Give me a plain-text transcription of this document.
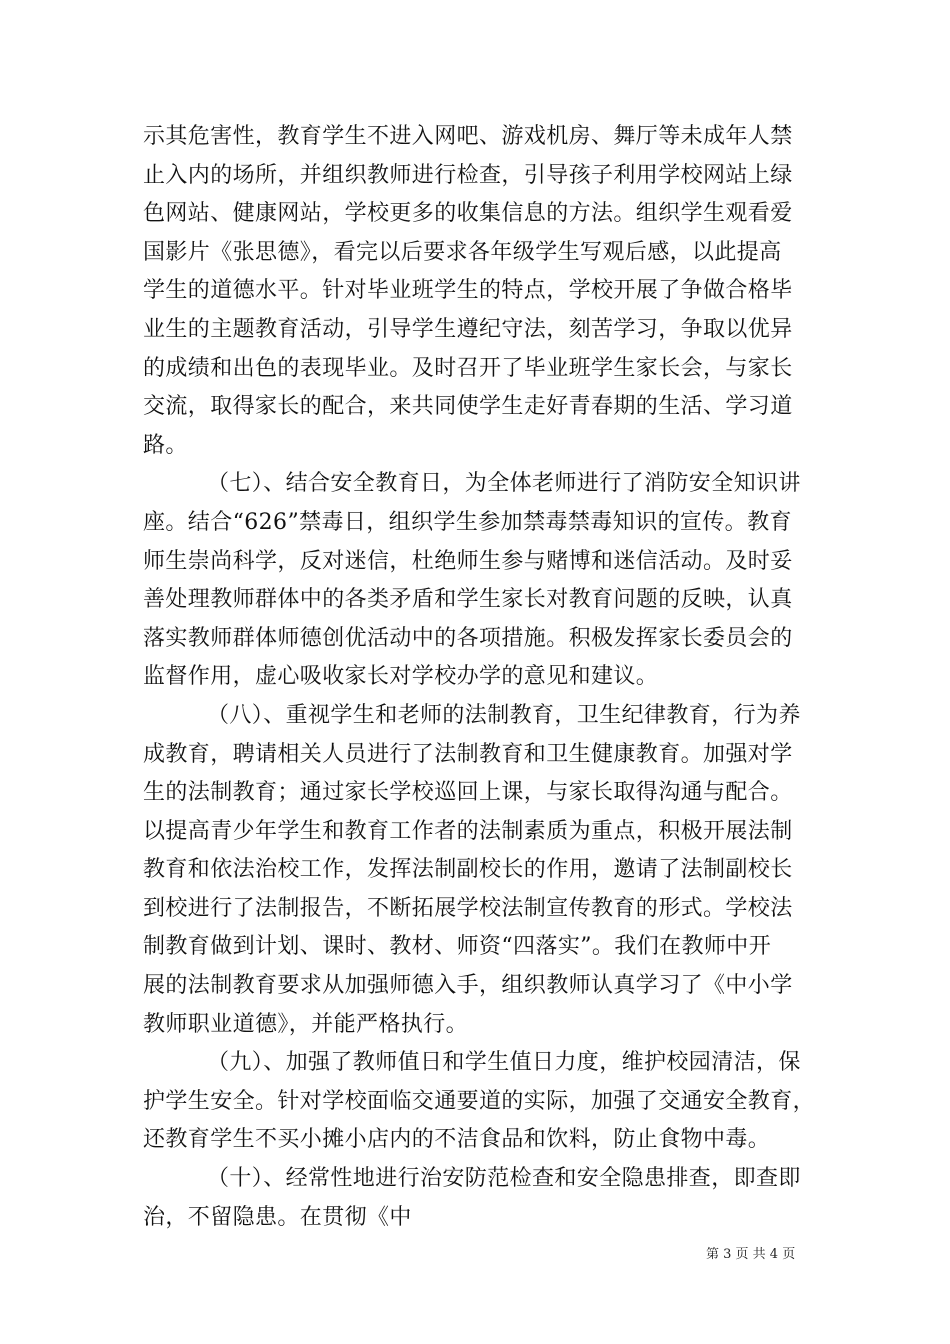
示其危害性，教育学生不进入网吧、游戏机房、舞厅等未成年人禁
止入内的场所，并组织教师进行检查，引导孩子利用学校网站上绿
色网站、健康网站，学校更多的收集信息的方法。组织学生观看爱
国影片《张思德》，看完以后要求各年级学生写观后感，以此提高
学生的道德水平。针对毕业班学生的特点，学校开展了争做合格毕
业生的主题教育活动，引导学生遵纪守法，刻苦学习，争取以优异
的成绩和出色的表现毕业。及时召开了毕业班学生家长会，与家长
交流，取得家长的配合，来共同使学生走好青春期的生活、学习道
路。
（七）、结合安全教育日，为全体老师进行了消防安全知识讲
座。结合“626”禁毒日，组织学生参加禁毒禁毒知识的宣传。教育
师生崇尚科学，反对迷信，杜绝师生参与赌博和迷信活动。及时妥
善处理教师群体中的各类矛盾和学生家长对教育问题的反映，认真
落实教师群体师德创优活动中的各项措施。积极发挥家长委员会的
监督作用，虚心吸收家长对学校办学的意见和建议。
（八）、重视学生和老师的法制教育，卫生纪律教育，行为养
成教育，聘请相关人员进行了法制教育和卫生健康教育。加强对学
生的法制教育；通过家长学校巡回上课，与家长取得沟通与配合。
以提高青少年学生和教育工作者的法制素质为重点，积极开展法制
教育和依法治校工作，发挥法制副校长的作用，邀请了法制副校长
到校进行了法制报告，不断拓展学校法制宣传教育的形式。学校法
制教育做到计划、课时、教材、师资“四落实”。我们在教师中开
展的法制教育要求从加强师德入手，组织教师认真学习了《中小学
教师职业道德》，并能严格执行。
（九）、加强了教师值日和学生值日力度，维护校园清洁，保
护学生安全。针对学校面临交通要道的实际，加强了交通安全教育，
还教育学生不买小摊小店内的不洁食品和饮料，防止食物中毒。
（十）、经常性地进行治安防范检查和安全隐患排查，即查即
治，不留隐患。在贯彻《中
第 3 页 共 4 页
